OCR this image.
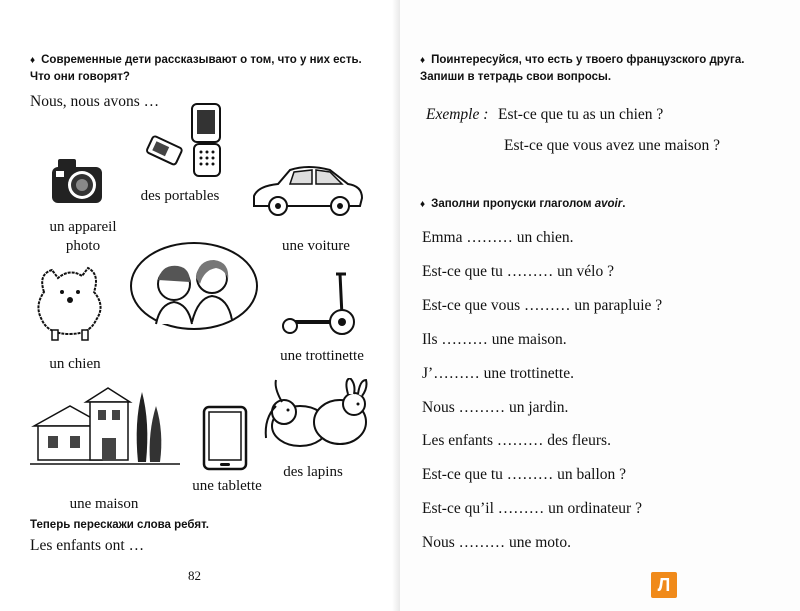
♦ Современные дети рассказывают о том, что у них есть. Что они говорят?
Nous, nous avons …
un appareil photo
des portables
une voiture
un chien	une trottinette
une maison
une tablette
des lapins
Теперь перескажи слова ребят.
Les enfants ont …
82
♦ Поинтересуйся, что есть у твоего французского друга. Запиши в тетрадь свои вопросы.
Exemple : Est-ce que tu as un chien ?
Est-ce que vous avez une maison ?
♦ Заполни пропуски глаголом avoir.
Emma ……… un chien.
Est-ce que tu ……… un vélo ?
Est-ce que vous ……… un parapluie ?
Ils ……… une maison.
J’……… une trottinette.
Nous ……… un jardin.
Les enfants ……… des fleurs.
Est-ce que tu ……… un ballon ?
Est-ce qu’il ……… un ordinateur ?
Nous ……… une moto.
Л
